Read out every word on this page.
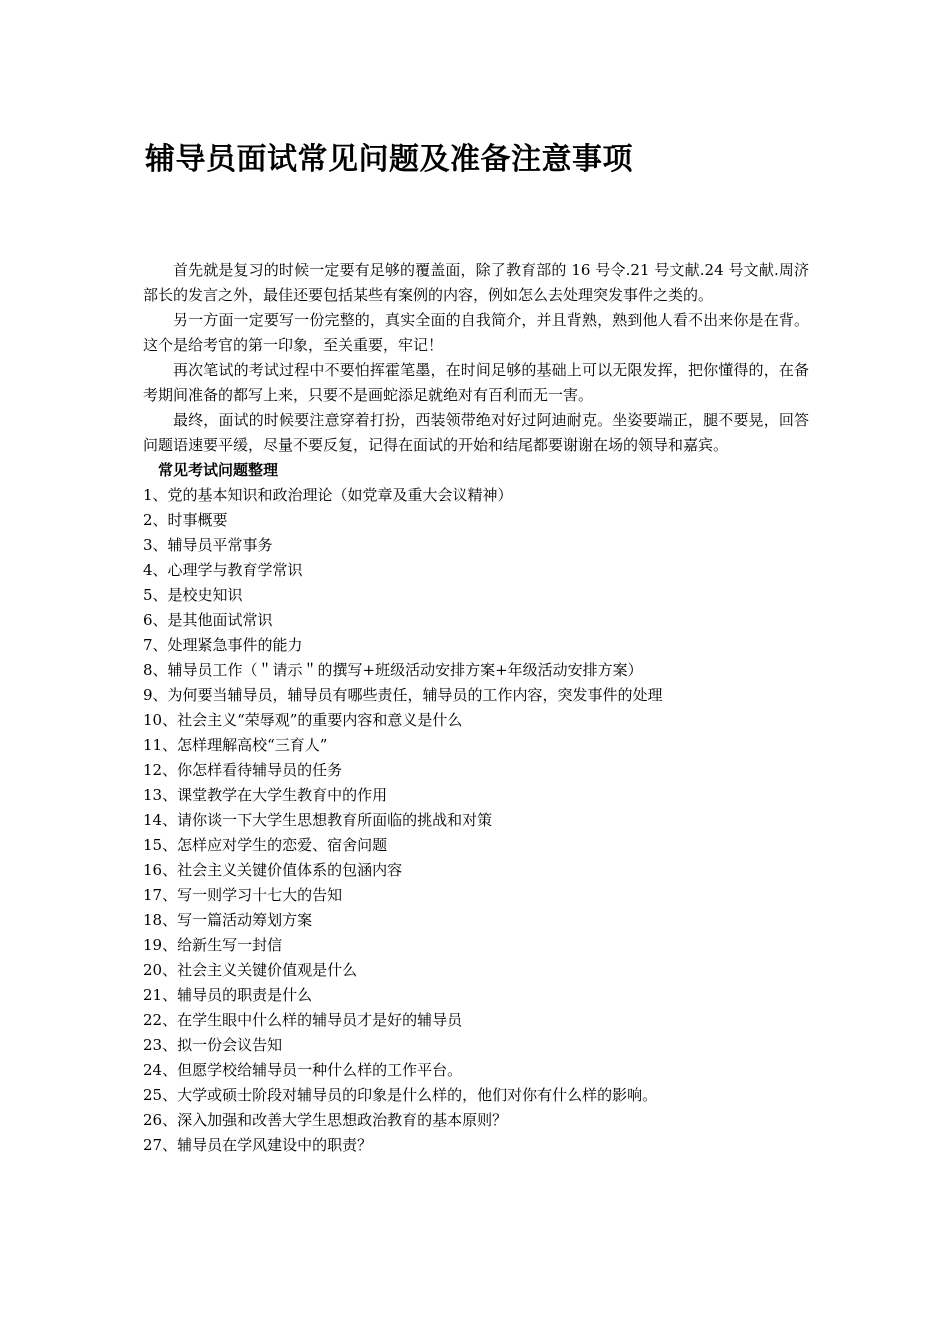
辅导员面试常见问题及准备注意事项

首先就是复习的时候一定要有足够的覆盖面，除了教育部的 16 号令.21 号文献.24 号文献.周济部长的发言之外，最佳还要包括某些有案例的内容，例如怎么去处理突发事件之类的。

另一方面一定要写一份完整的，真实全面的自我简介，并且背熟，熟到他人看不出来你是在背。这个是给考官的第一印象，至关重要，牢记！

再次笔试的考试过程中不要怕挥霍笔墨，在时间足够的基础上可以无限发挥，把你懂得的，在备考期间准备的都写上来，只要不是画蛇添足就绝对有百利而无一害。

最终，面试的时候要注意穿着打扮，西装领带绝对好过阿迪耐克。坐姿要端正，腿不要晃，回答问题语速要平缓，尽量不要反复，记得在面试的开始和结尾都要谢谢在场的领导和嘉宾。

常见考试问题整理

1、党的基本知识和政治理论（如党章及重大会议精神）
2、时事概要
3、辅导员平常事务
4、心理学与教育学常识
5、是校史知识
6、是其他面试常识
7、处理紧急事件的能力
8、辅导员工作（＂请示＂的撰写+班级活动安排方案+年级活动安排方案）
9、为何要当辅导员，辅导员有哪些责任，辅导员的工作内容，突发事件的处理
10、社会主义“荣辱观”的重要内容和意义是什么
11、怎样理解高校“三育人”
12、你怎样看待辅导员的任务
13、课堂教学在大学生教育中的作用
14、请你谈一下大学生思想教育所面临的挑战和对策
15、怎样应对学生的恋爱、宿舍问题
16、社会主义关键价值体系的包涵内容
17、写一则学习十七大的告知
18、写一篇活动筹划方案
19、给新生写一封信
20、社会主义关键价值观是什么
21、辅导员的职责是什么
22、在学生眼中什么样的辅导员才是好的辅导员
23、拟一份会议告知
24、但愿学校给辅导员一种什么样的工作平台。
25、大学或硕士阶段对辅导员的印象是什么样的，他们对你有什么样的影响。
26、深入加强和改善大学生思想政治教育的基本原则？
27、辅导员在学风建设中的职责？
